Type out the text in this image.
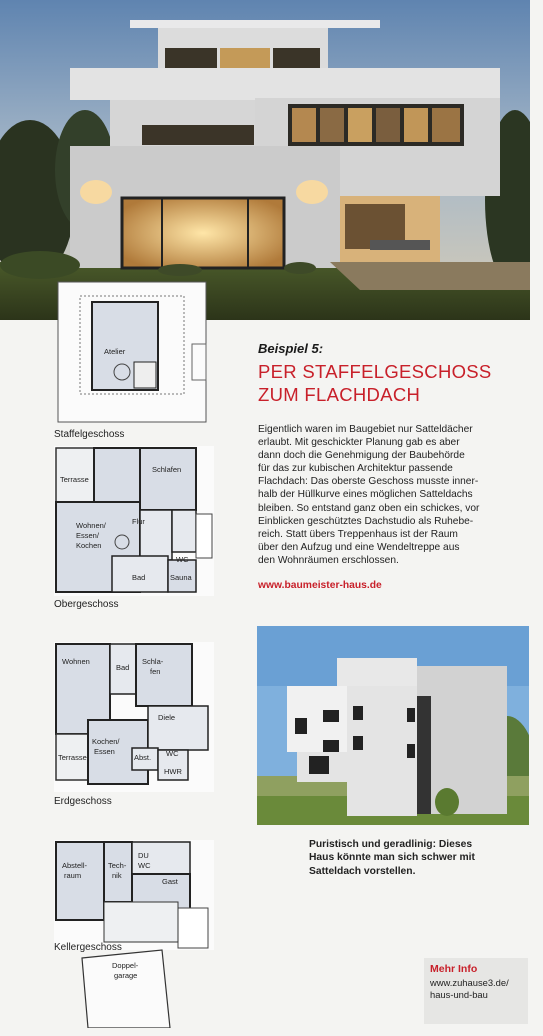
Atelier
Staffelgeschoss
Terrasse
Schlafen
Flur
Wohnen/
Essen/
Kochen
WC
Bad	Sauna
Obergeschoss
Wohnen
Bad
Schla-
fen
Diele
Kochen/
Essen
Terrasse	Abst. WC
HWR
Erdgeschoss
Abstell-
raum
Tech-
nik
DU
WC
Gast
Doppel-
garage
Kellergeschoss
Beispiel 5:
PER STAFFELGESCHOSS
ZUM FLACHDACH

Eigentlich waren im Baugebiet nur Satteldächer

erlaubt. Mit geschickter Planung gab es aber

dann doch die Genehmigung der Baubehörde

für das zur kubischen Architektur passende

Flachdach: Das oberste Geschoss musste inner-

halb der Hüllkurve eines möglichen Satteldachs

bleiben. So entstand ganz oben ein schickes, vor

Einblicken geschütztes Dachstudio als Ruhebe-

reich. Statt übers Treppenhaus ist der Raum

über den Aufzug und eine Wendeltreppe aus

den Wohnräumen erschlossen.

www.baumeister-haus.de
Puristisch und geradlinig: Dieses
Haus könnte man sich schwer mit
Satteldach vorstellen.
Mehr Info
www.zuhause3.de/
haus-und-bau
